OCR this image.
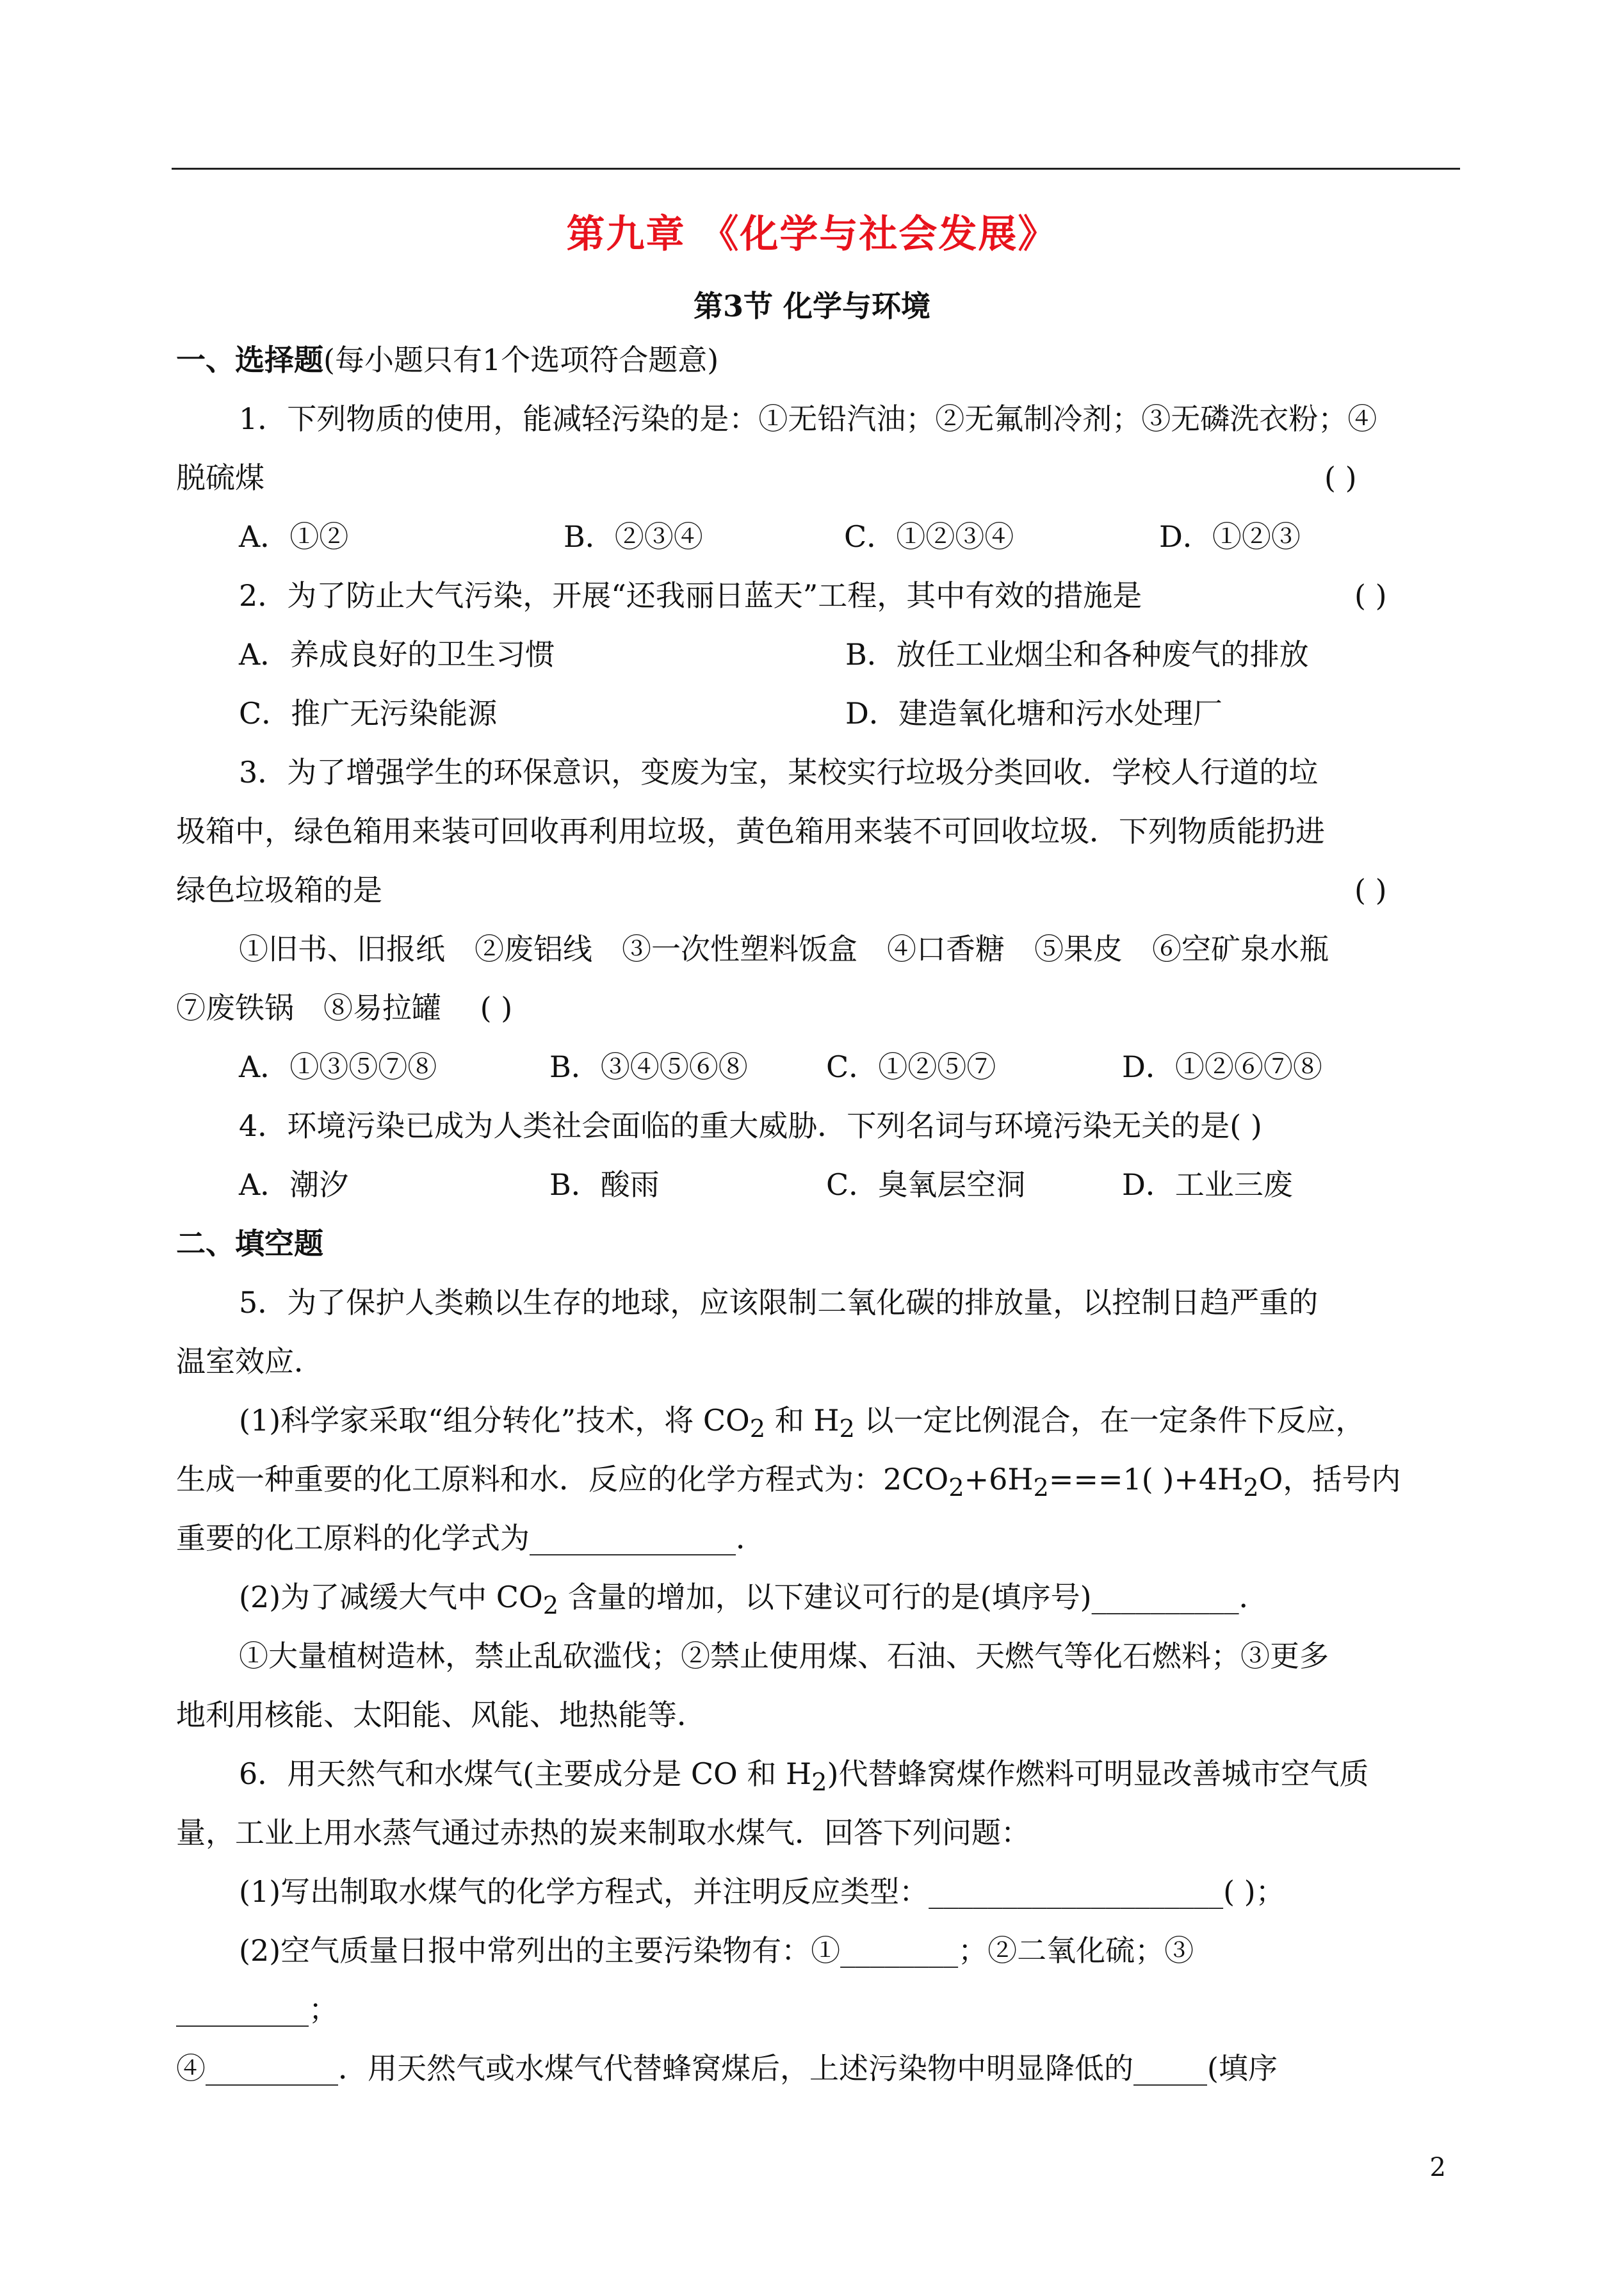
第九章 《化学与社会发展》
第3节 化学与环境
一、选择题(每小题只有1个选项符合题意)
1．下列物质的使用，能减轻污染的是：①无铅汽油；②无氟制冷剂；③无磷洗衣粉；④
脱硫煤	( )
A．①②	B．②③④	C．①②③④	D．①②③
2．为了防止大气污染，开展“还我丽日蓝天”工程，其中有效的措施是	( )
A．养成良好的卫生习惯	B．放任工业烟尘和各种废气的排放
C．推广无污染能源	D．建造氧化塘和污水处理厂
3．为了增强学生的环保意识，变废为宝，某校实行垃圾分类回收．学校人行道的垃
圾箱中，绿色箱用来装可回收再利用垃圾，黄色箱用来装不可回收垃圾．下列物质能扔进
绿色垃圾箱的是	( )
①旧书、旧报纸　②废铝线　③一次性塑料饭盒　④口香糖　⑤果皮　⑥空矿泉水瓶
⑦废铁锅　⑧易拉罐　 ( )
A．①③⑤⑦⑧	B．③④⑤⑥⑧	C．①②⑤⑦	D．①②⑥⑦⑧
4．环境污染已成为人类社会面临的重大威胁．下列名词与环境污染无关的是( )
A．潮汐	B．酸雨	C．臭氧层空洞	D．工业三废
二、填空题
5．为了保护人类赖以生存的地球，应该限制二氧化碳的排放量，以控制日趋严重的
温室效应．
(1)科学家采取“组分转化”技术，将 $CO_2$ 和 $H_2$ 以一定比例混合，在一定条件下反应，
生成一种重要的化工原料和水．反应的化学方程式为：$2CO_2+6H_2===1$( )$+4H_2O$，括号内
重要的化工原料的化学式为______________．
(2)为了减缓大气中 $CO_2$ 含量的增加，以下建议可行的是(填序号)__________．
①大量植树造林，禁止乱砍滥伐；②禁止使用煤、石油、天燃气等化石燃料；③更多
地利用核能、太阳能、风能、地热能等．
6．用天然气和水煤气(主要成分是 CO 和 $H_2$)代替蜂窝煤作燃料可明显改善城市空气质
量，工业上用水蒸气通过赤热的炭来制取水煤气．回答下列问题：
(1)写出制取水煤气的化学方程式，并注明反应类型：____________________( )；
(2)空气质量日报中常列出的主要污染物有：①________；②二氧化硫；③
_________；
④_________．用天然气或水煤气代替蜂窝煤后，上述污染物中明显降低的_____(填序
2
